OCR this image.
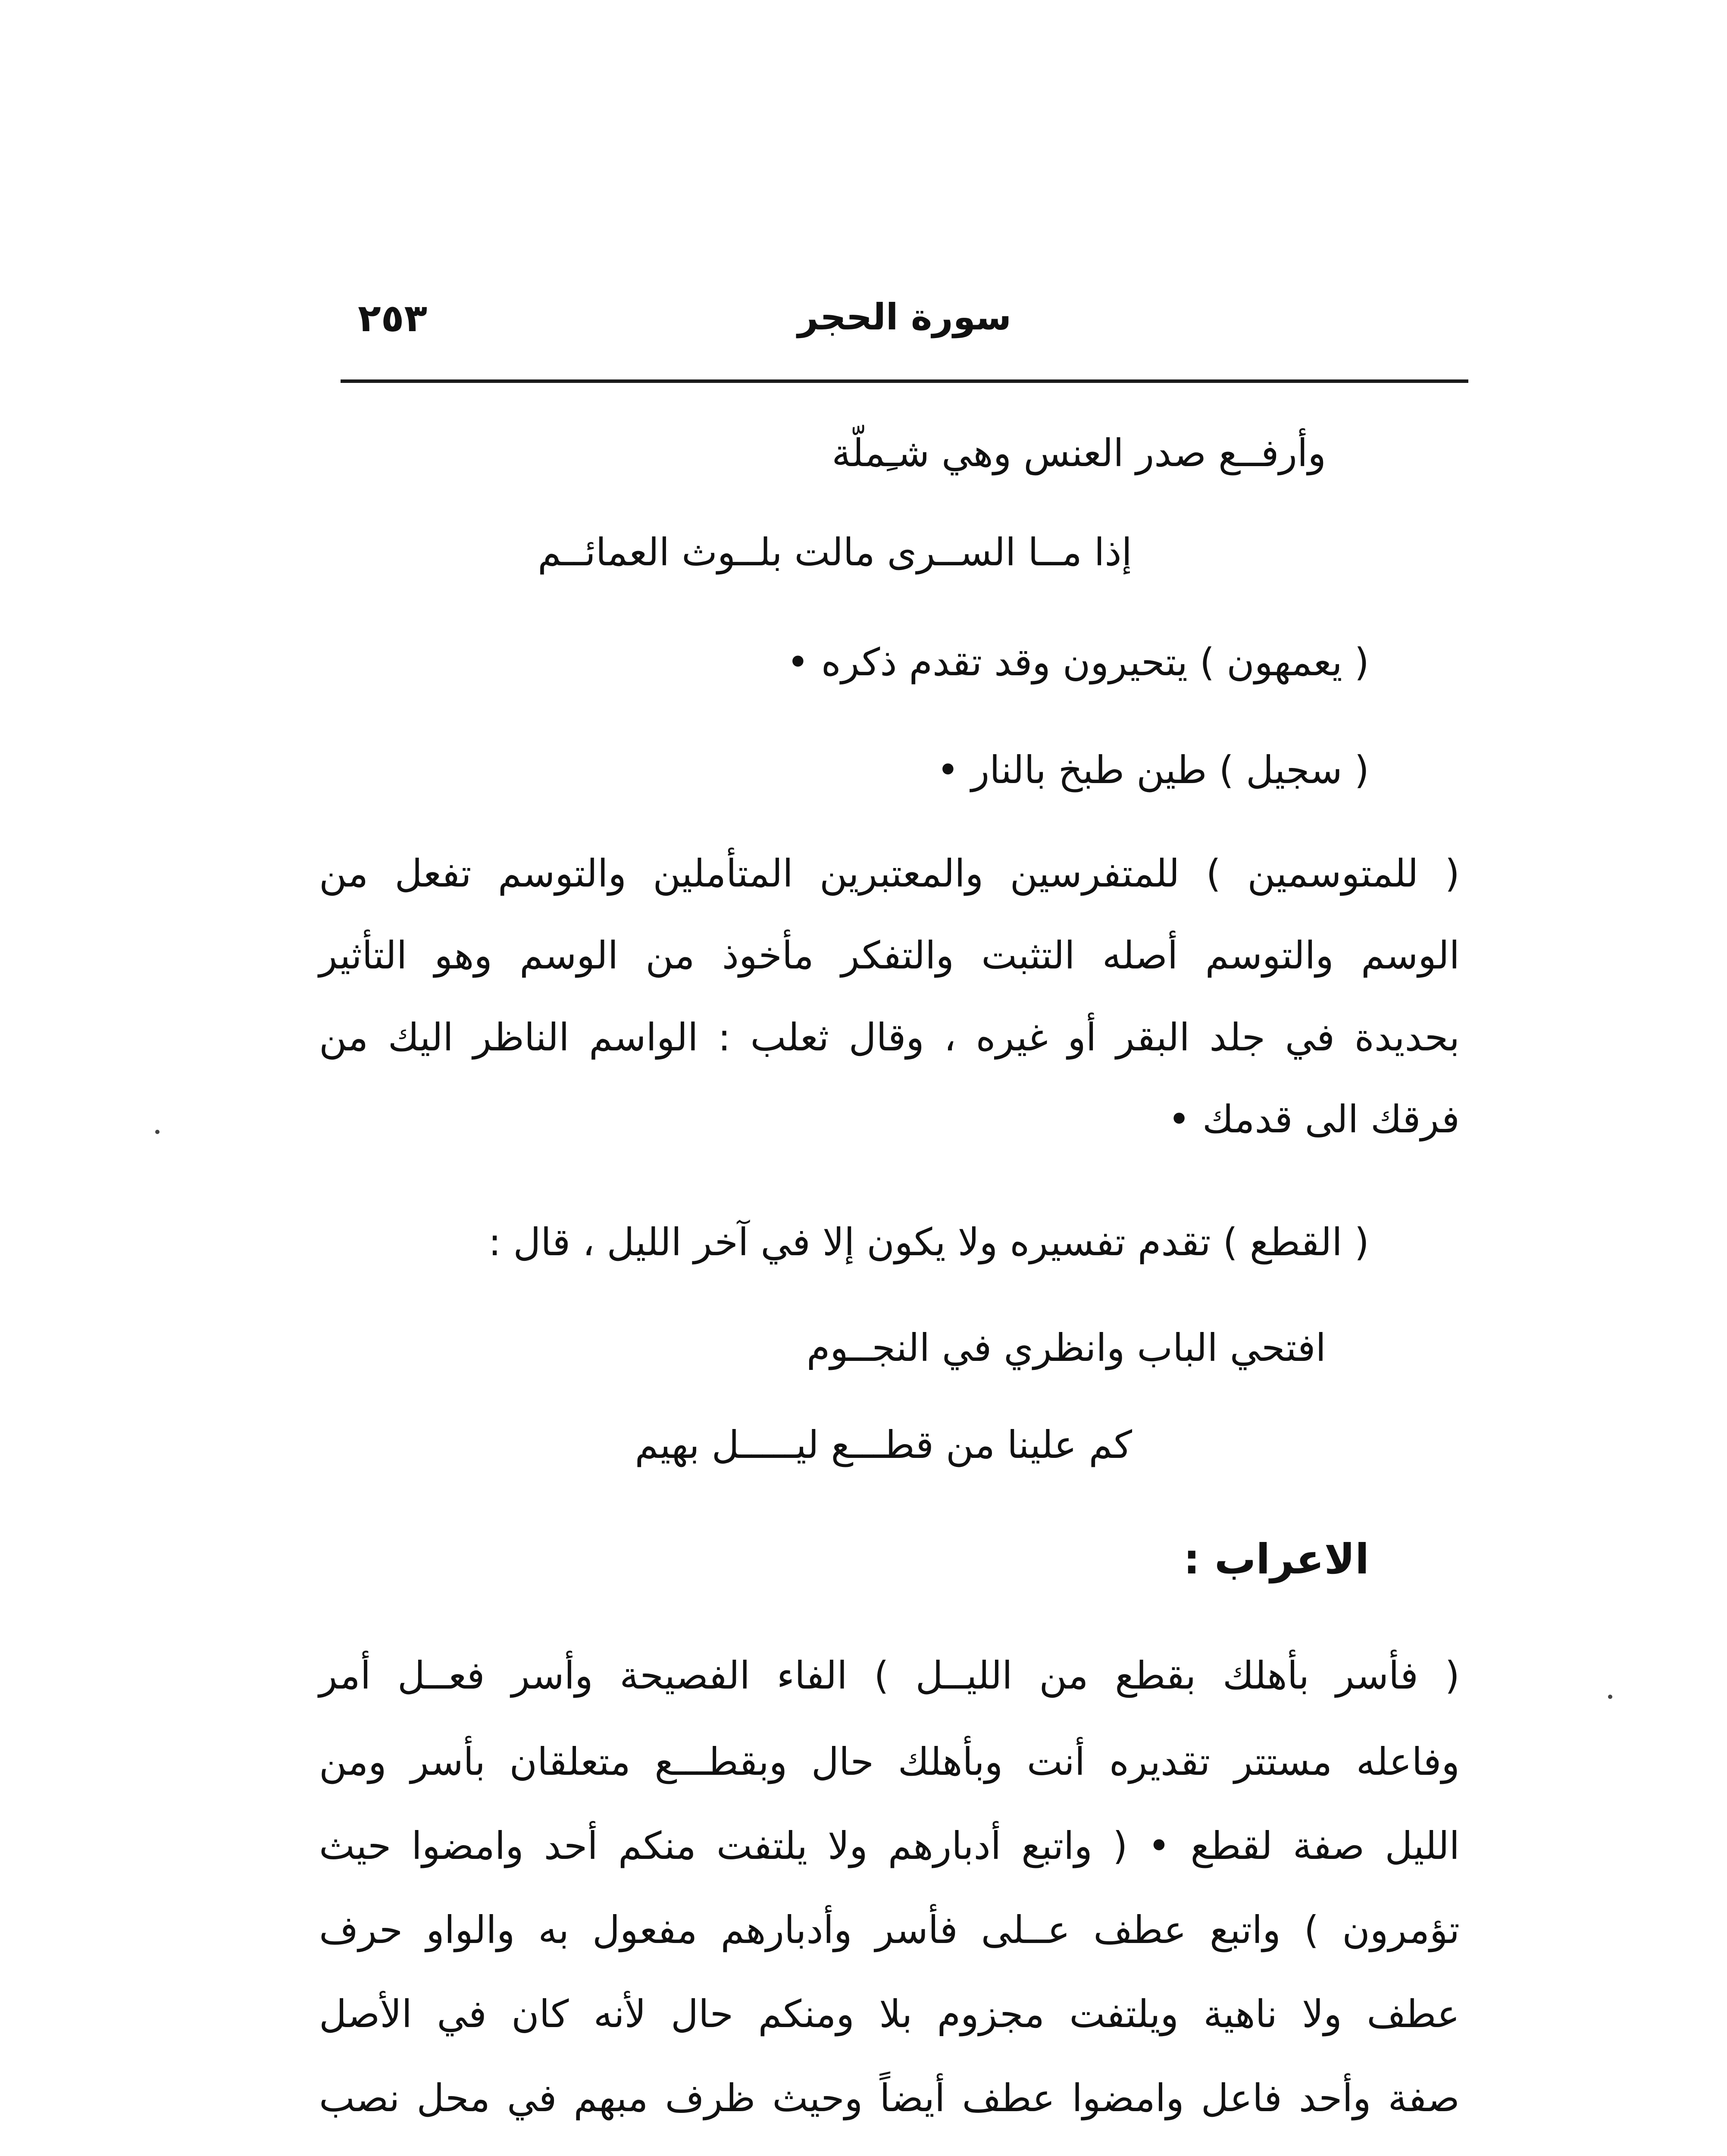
سورة الحجر
٢٥٣
وأرفــع صدر العنس وهي شـِملّة
إذا مــا الســرى مالت بلــوث العمائــم
( يعمهون ) يتحيرون وقد تقدم ذكره •
( سجيل ) طين طبخ بالنار •
( للمتوسمين ) للمتفرسين والمعتبرين المتأملين والتوسم تفعل من
الوسم والتوسم أصله التثبت والتفكر مأخوذ من الوسم وهو التأثير
بحديدة في جلد البقر أو غيره ، وقال ثعلب : الواسم الناظر اليك من
فرقك الى قدمك •
( القطع ) تقدم تفسيره ولا يكون إلا في آخر الليل ، قال :
افتحي الباب وانظري في النجــوم
كم علينا من قطـــع ليـــــل بهيم
الاعراب :
( فأسر بأهلك بقطع من الليــل ) الفاء الفصيحة وأسر فعــل أمر
وفاعله مستتر تقديره أنت وبأهلك حال وبقطـــع متعلقان بأسر ومن
الليل صفة لقطع • ( واتبع أدبارهم ولا يلتفت منكم أحد وامضوا حيث
تؤمرون ) واتبع عطف عــلى فأسر وأدبارهم مفعول به والواو حرف
عطف ولا ناهية ويلتفت مجزوم بلا ومنكم حال لأنه كان في الأصل
صفة وأحد فاعل وامضوا عطف أيضاً وحيث ظرف مبهم في محل نصب
